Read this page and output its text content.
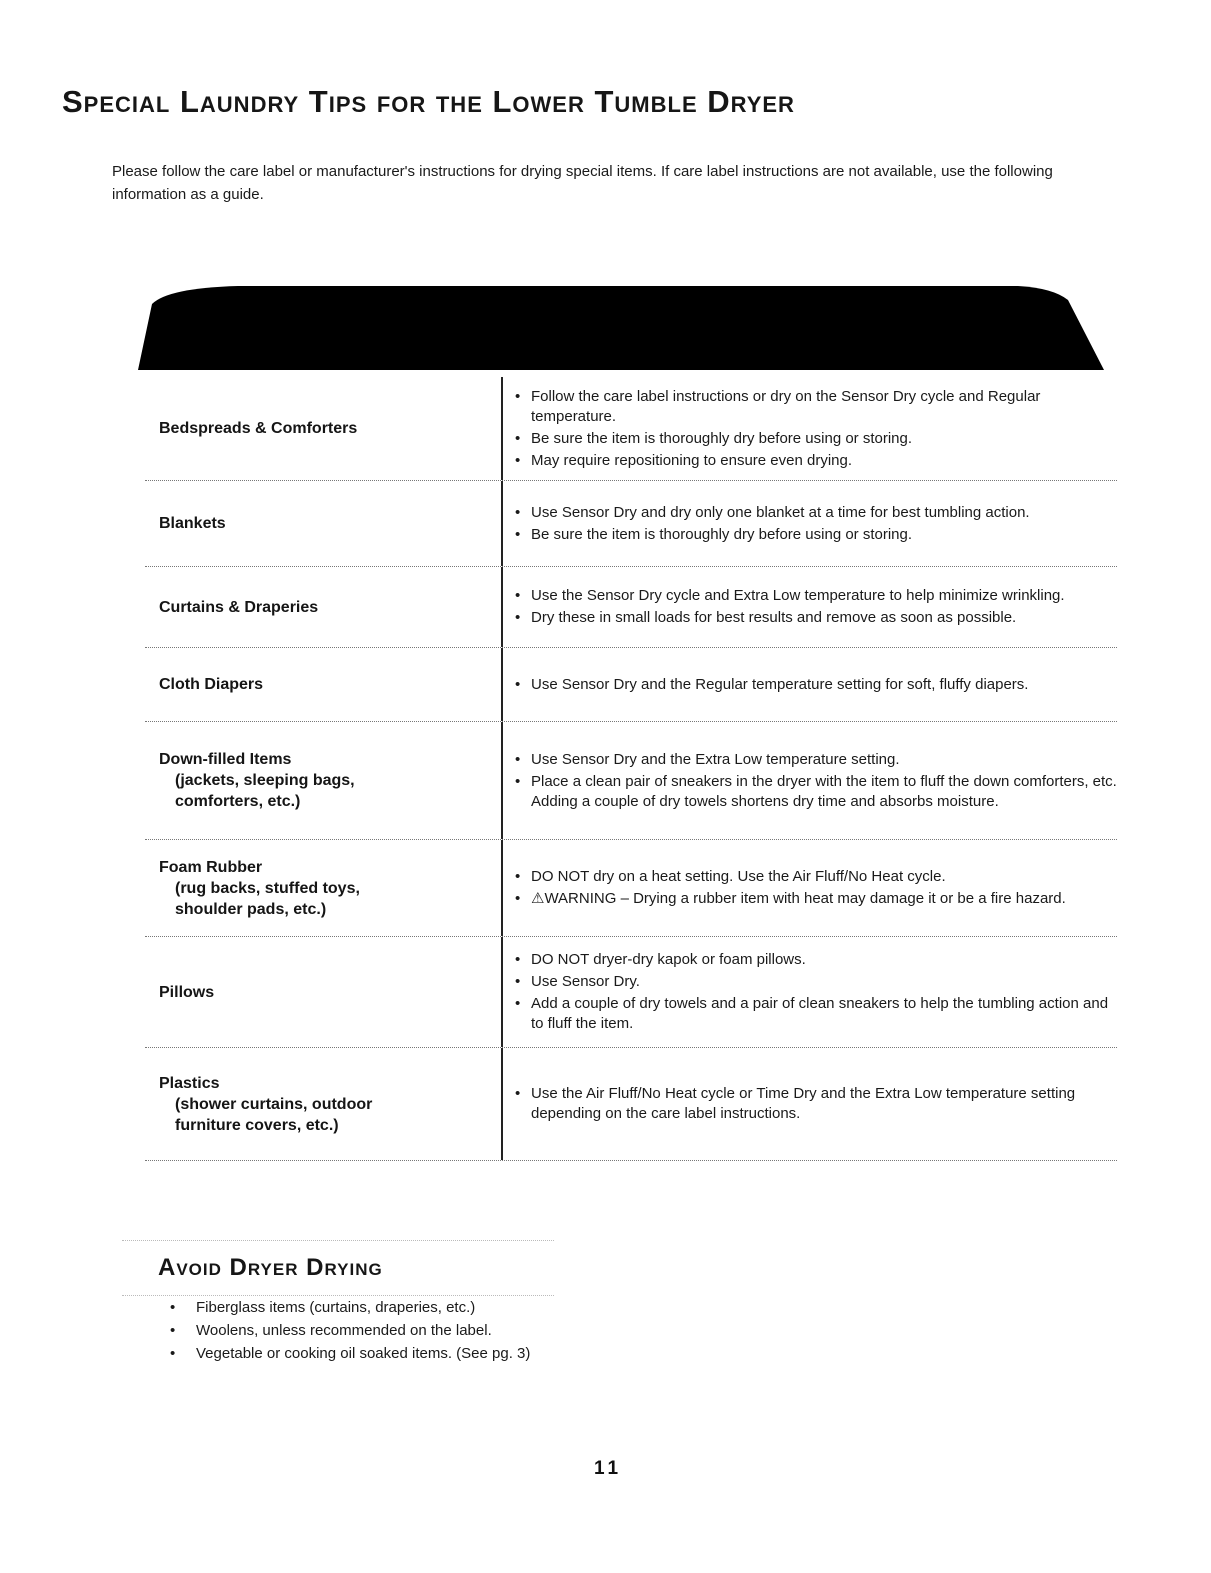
Special Laundry Tips for the Lower Tumble Dryer

Please follow the care label or manufacturer's instructions for drying special items. If care label instructions are not available, use the following information as a guide.

Bedspreads & Comforters
• Follow the care label instructions or dry on the Sensor Dry cycle and Regular temperature.
• Be sure the item is thoroughly dry before using or storing.
• May require repositioning to ensure even drying.
Blankets
• Use Sensor Dry and dry only one blanket at a time for best tumbling action.
• Be sure the item is thoroughly dry before using or storing.
Curtains & Draperies
• Use the Sensor Dry cycle and Extra Low temperature to help minimize wrinkling.
• Dry these in small loads for best results and remove as soon as possible.
Cloth Diapers
•	Use Sensor Dry and the Regular temperature setting for soft, fluffy diapers.
Down-filled Items
(jackets, sleeping bags,
comforters, etc.)
• Use Sensor Dry and the Extra Low temperature setting.
• Place a clean pair of sneakers in the dryer with the item to fluff the down comforters, etc. Adding a couple of dry towels shortens dry time and absorbs moisture.
Foam Rubber
(rug backs, stuffed toys,
shoulder pads, etc.)
• DO NOT dry on a heat setting. Use the Air Fluff/No Heat cycle.
• ⚠WARNING – Drying a rubber item with heat may damage it or be a fire hazard.
Pillows
• DO NOT dryer-dry kapok or foam pillows.
• Use Sensor Dry.
• Add a couple of dry towels and a pair of clean sneakers to help the tumbling action and to fluff the item.
Plastics
(shower curtains, outdoor
furniture covers, etc.)
• Use the Air Fluff/No Heat cycle or Time Dry and the Extra Low temperature setting depending on the care label instructions.
Avoid Dryer Drying
• Fiberglass items (curtains, draperies, etc.)
• Woolens, unless recommended on the label.
• Vegetable or cooking oil soaked items. (See pg. 3)

11
